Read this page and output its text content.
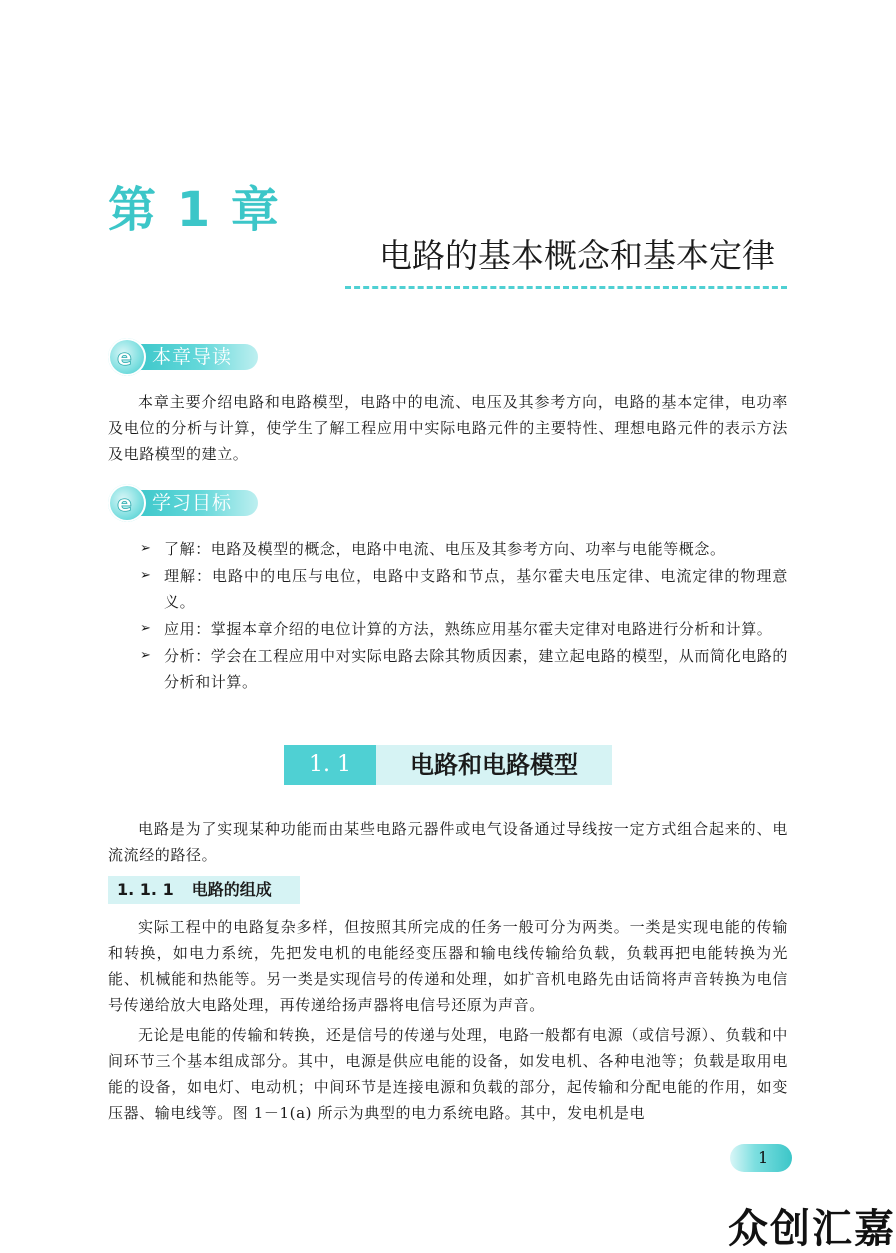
第 1 章
电路的基本概念和基本定律
e 本章导读

本章主要介绍电路和电路模型，电路中的电流、电压及其参考方向，电路的基本定律，电功率及电位的分析与计算，使学生了解工程应用中实际电路元件的主要特性、理想电路元件的表示方法及电路模型的建立。

e 学习目标
➢ 了解：电路及模型的概念，电路中电流、电压及其参考方向、功率与电能等概念。
➢ 理解：电路中的电压与电位，电路中支路和节点，基尔霍夫电压定律、电流定律的物理意义。
➢ 应用：掌握本章介绍的电位计算的方法，熟练应用基尔霍夫定律对电路进行分析和计算。
➢ 分析：学会在工程应用中对实际电路去除其物质因素，建立起电路的模型，从而简化电路的分析和计算。
1. 1	电路和电路模型

电路是为了实现某种功能而由某些电路元器件或电气设备通过导线按一定方式组合起来的、电流流经的路径。

1. 1. 1 电路的组成

实际工程中的电路复杂多样，但按照其所完成的任务一般可分为两类。一类是实现电能的传输和转换，如电力系统，先把发电机的电能经变压器和输电线传输给负载，负载再把电能转换为光能、机械能和热能等。另一类是实现信号的传递和处理，如扩音机电路先由话筒将声音转换为电信号传递给放大电路处理，再传递给扬声器将电信号还原为声音。

无论是电能的传输和转换，还是信号的传递与处理，电路一般都有电源（或信号源）、负载和中间环节三个基本组成部分。其中，电源是供应电能的设备，如发电机、各种电池等；负载是取用电能的设备，如电灯、电动机；中间环节是连接电源和负载的部分，起传输和分配电能的作用，如变压器、输电线等。图 1－1(a) 所示为典型的电力系统电路。其中，发电机是电

1
众创汇嘉
